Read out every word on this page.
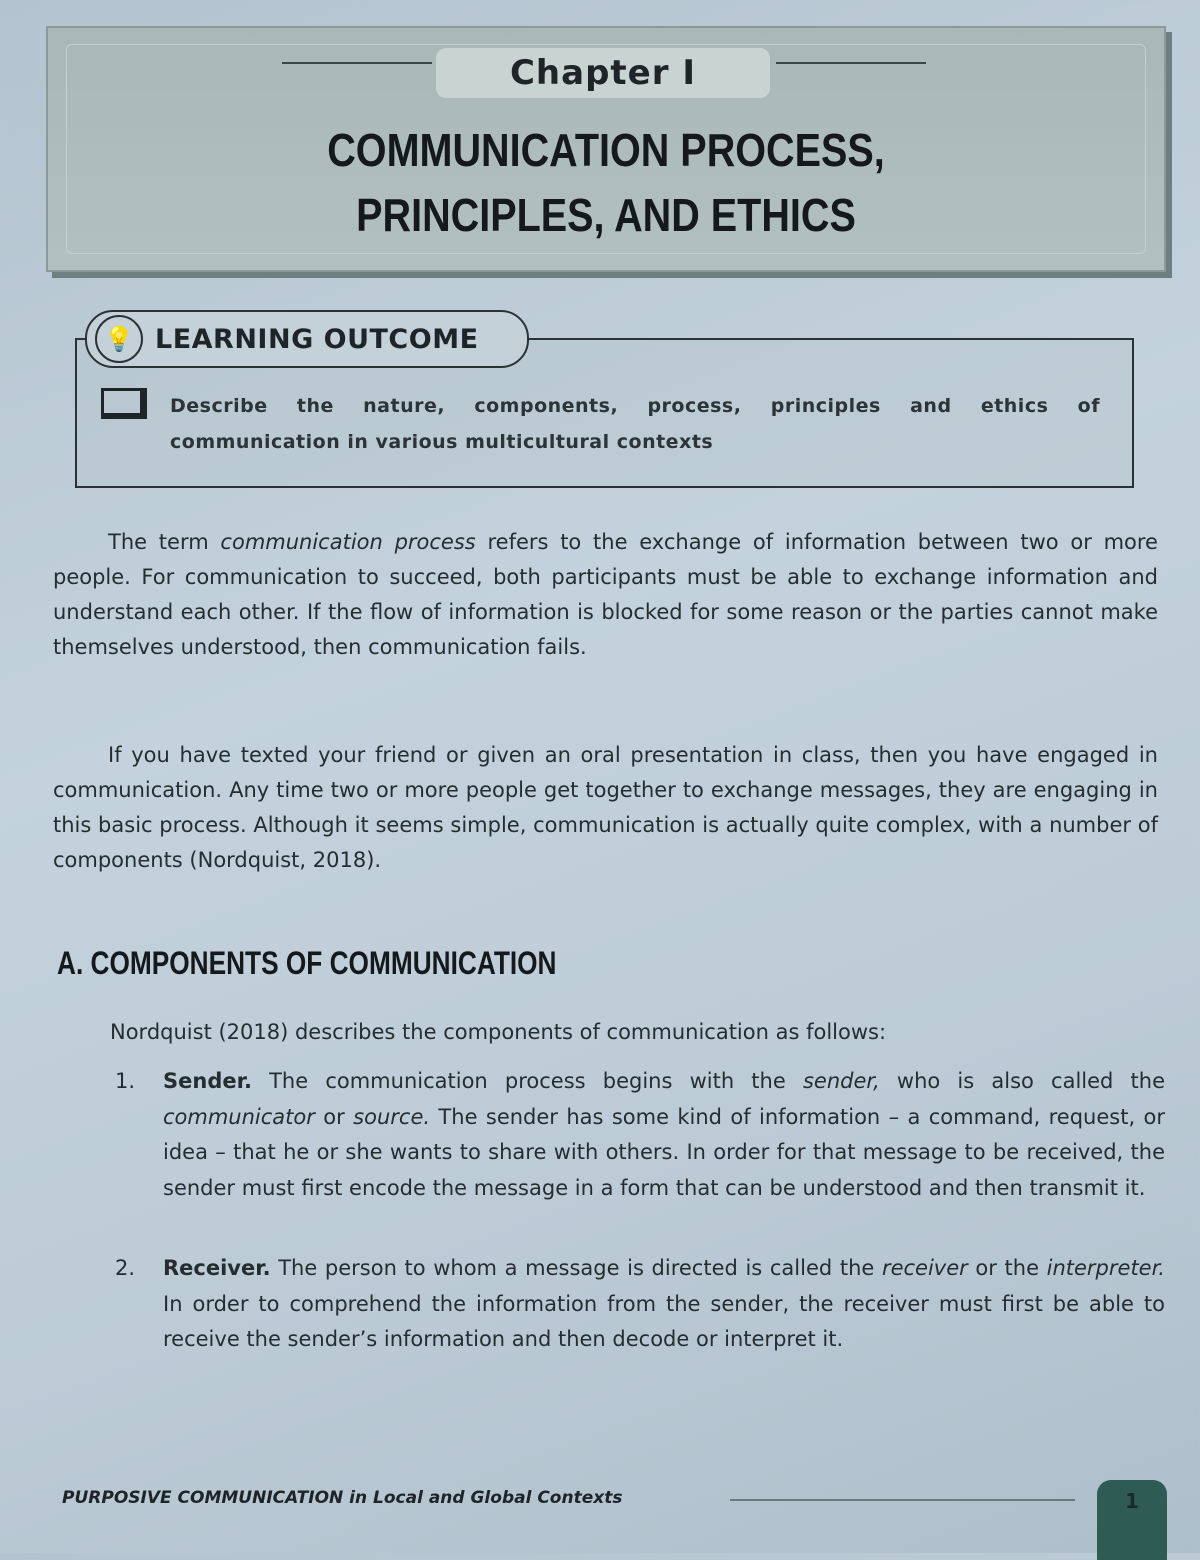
Chapter I
COMMUNICATION PROCESS,
PRINCIPLES, AND ETHICS
💡 LEARNING OUTCOME
Describe the nature, components, process, principles and ethics of communication in various multicultural contexts

The term communication process refers to the exchange of information between two or more people. For communication to succeed, both participants must be able to exchange information and understand each other. If the flow of information is blocked for some reason or the parties cannot make themselves understood, then communication fails.

If you have texted your friend or given an oral presentation in class, then you have engaged in communication. Any time two or more people get together to exchange messages, they are engaging in this basic process. Although it seems simple, communication is actually quite complex, with a number of components (Nordquist, 2018).

A. COMPONENTS OF COMMUNICATION
Nordquist (2018) describes the components of communication as follows:
1. Sender. The communication process begins with the sender, who is also called the communicator or source. The sender has some kind of information – a command, request, or idea – that he or she wants to share with others. In order for that message to be received, the sender must first encode the message in a form that can be understood and then transmit it.
2. Receiver. The person to whom a message is directed is called the receiver or the interpreter. In order to comprehend the information from the sender, the receiver must first be able to receive the sender’s information and then decode or interpret it.
PURPOSIVE COMMUNICATION in Local and Global Contexts	1
